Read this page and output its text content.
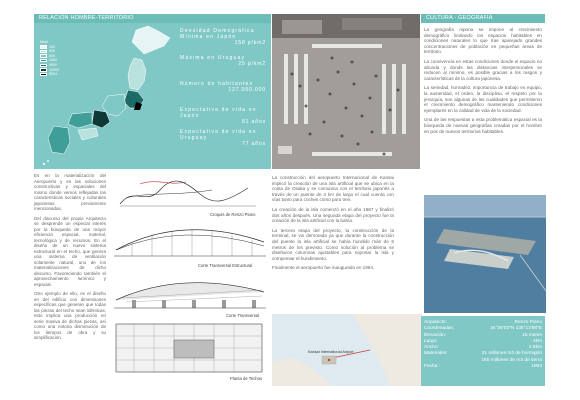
RELACIÓN HOMBRE-TERRITORIO
Nivel
100
200
500
1000
4000
10000
5514
Densidad Demográfica Mínima en Japón
158 p/km2
Máxima en Uruguay
25 p/km2
Número de habitantes
127.000.000
Expectativa de vida en Japón
81 años
Expectativa de vida en Uruguay
77 años
CULTURA - GEOGRAFÍA

La geografía nipona se impone al crecimiento demográfico limitando los espacios habitables en condiciones naturales lo que trae aparejado grandes concentraciones de población en pequeñas áreas de territorio.

La convivencia en estas condiciones donde el espacio no abunda y donde las distancias interpersonales se reducen al mínimo, es posible gracias a los rasgos y características de la cultura japonesa.

La seriedad, honradez, importancia de trabajo en equipo, la austeridad, el orden, la disciplina, el respeto por la jerarquía, son algunas de las cualidades que permitieron el crecimiento demográfico manteniendo condiciones ejemplares en la calidad de vida de la sociedad.

Una de las respuestas a esta problemática espacial es la búsqueda de nuevas geografías creadas por el hombre en pos de nuevos territorios habitables.

Es en la materialización del Aeropuerto y en las soluciones constructivas y espaciales del mismo donde vemos reflejadas las características sociales y culturales japonesas previamente mencionadas.

Del discurso del propio Arquitecto se desprende un especial interés por la búsqueda de una mayor eficiencia espacial, material, tecnológica y de recursos. En el diseño de un nuevo sistema estructural en el techo, que genera una sistema de ventilación solamente natural, uno de los materializaciones de dicho discurso. Favoreciendo también el aprovechamiento lumínico y espacial.

Otro ejemplo de ello, es el diseño en del edificio con dimensiones específicas que generan que todas las piezas del techo sean idénticas, esto implica una producción en serie masiva de dichas piezas, así como una notoria disminución de los tiempos de obra y su simplificación.

Croquis de Renzo Piano
Corte Transversal Estructural
Corte Transversal
Planta de Techos

La construcción del aeropuerto Internacional de Kansai implicó la creación de una isla artificial que se ubica en la costa de Osaka y se comunica con el territorio japonés a través de un puente de 3 km de largo el cual cuenta con vías tanto para coches como para tren.

La creación de la isla comenzó en el año 1987 y finalizó dos años después. Una segunda etapa del proyecto fue la creación de la isla artificial con la bahía.

La tercera etapa del proyecto, la construcción de la terminal, se vio demorada ya que durante la construcción del puente la isla artificial se había hundido más de 8 metros de los previsto. Como solución al problema se diseñaron columnas ajustables para soportar la isla y compensar el hundimiento.

Finalmente el aeropuerto fue inaugurado en 1994.

Kansai International Airport
Arquitecto:	Renzo Piano
Coordenadas:	34°26'03"N 135°13'58"E
Elevación:	15 msnm
Largo:	4km
Ancho:	2.5km
Materiales:	21 millones m3 de hormigón
150 millones de m3 de tierra
Fecha:	1994
